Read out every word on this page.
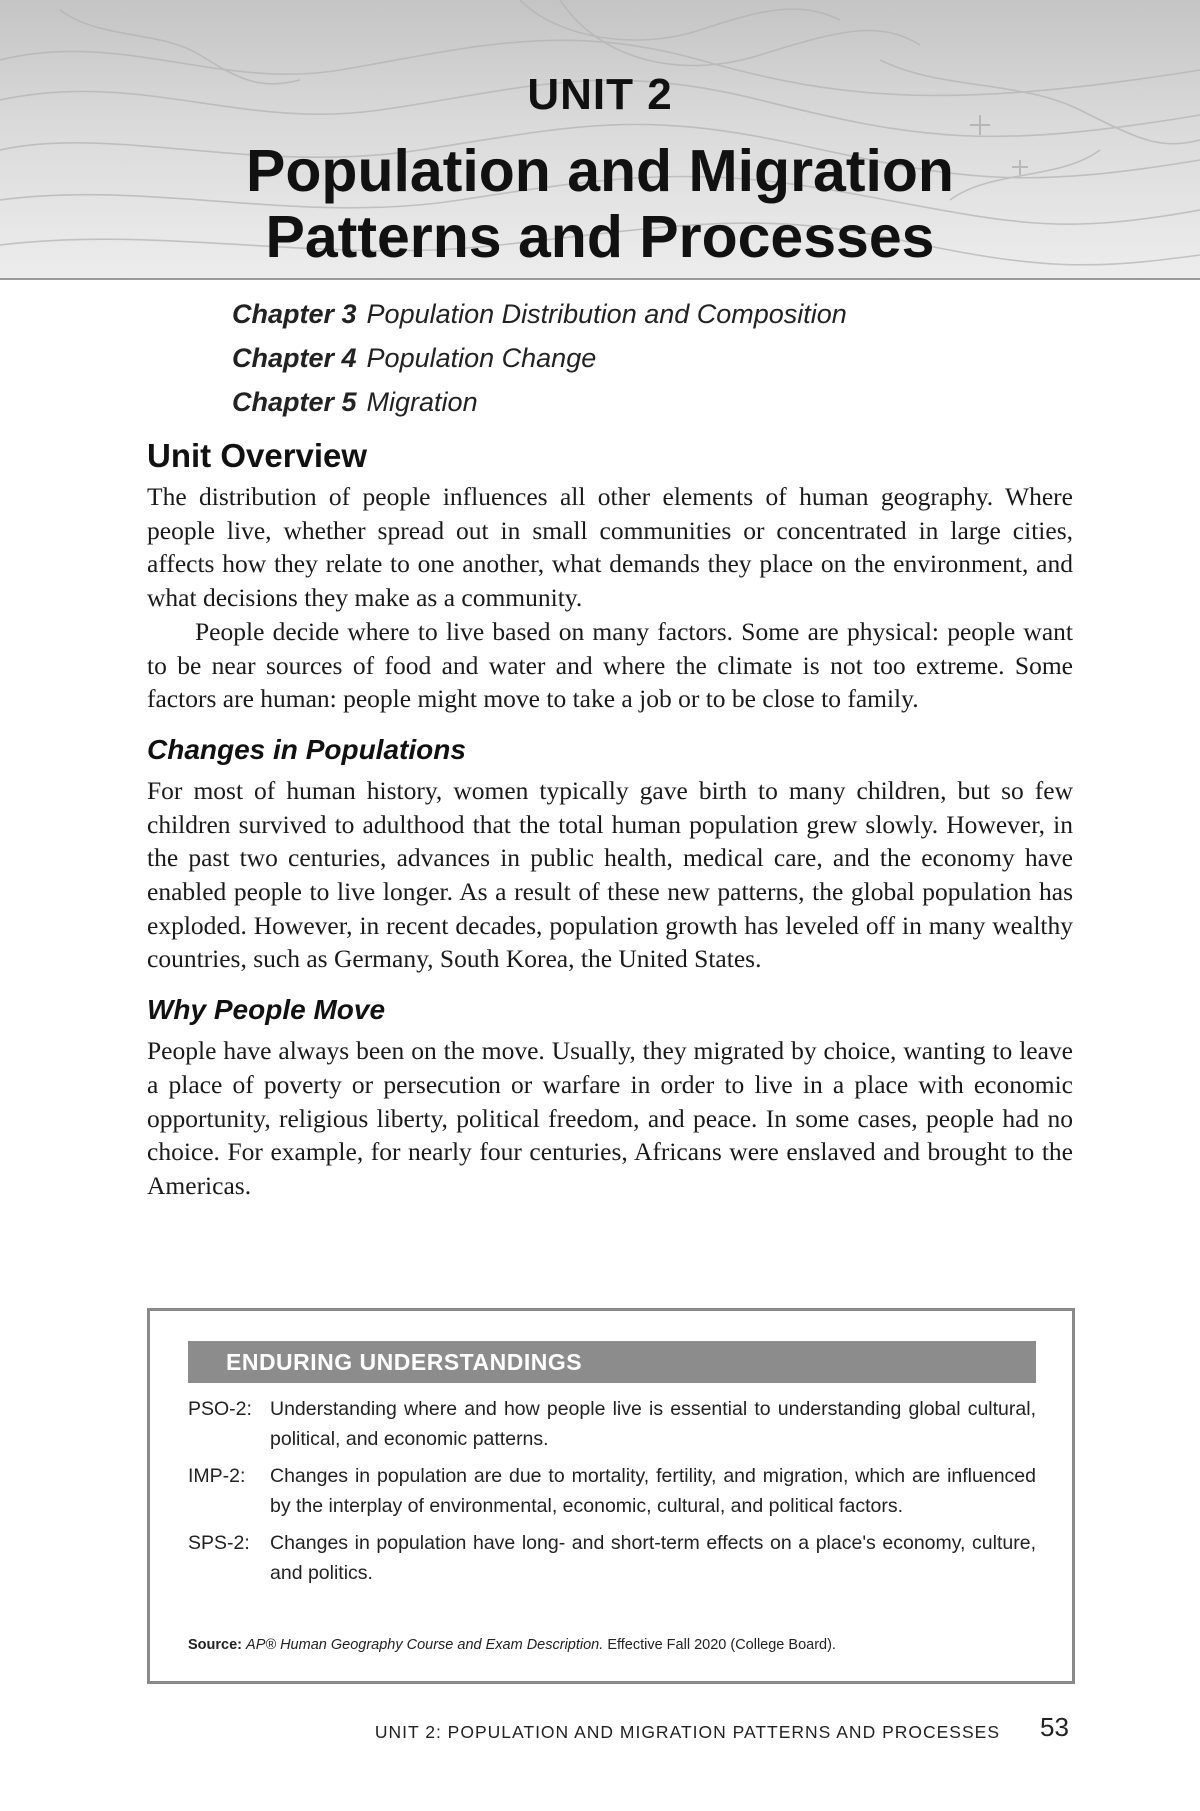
UNIT 2
Population and Migration
Patterns and Processes
Chapter 3 Population Distribution and Composition
Chapter 4 Population Change
Chapter 5 Migration
Unit Overview

The distribution of people influences all other elements of human geography. Where people live, whether spread out in small communities or concentrated in large cities, affects how they relate to one another, what demands they place on the environment, and what decisions they make as a community.

People decide where to live based on many factors. Some are physical: people want to be near sources of food and water and where the climate is not too extreme. Some factors are human: people might move to take a job or to be close to family.

Changes in Populations

For most of human history, women typically gave birth to many children, but so few children survived to adulthood that the total human population grew slowly. However, in the past two centuries, advances in public health, medical care, and the economy have enabled people to live longer. As a result of these new patterns, the global population has exploded. However, in recent decades, population growth has leveled off in many wealthy countries, such as Germany, South Korea, the United States.

Why People Move

People have always been on the move. Usually, they migrated by choice, wanting to leave a place of poverty or persecution or warfare in order to live in a place with economic opportunity, religious liberty, political freedom, and peace. In some cases, people had no choice. For example, for nearly four centuries, Africans were enslaved and brought to the Americas.

ENDURING UNDERSTANDINGS
PSO-2: Understanding where and how people live is essential to understanding global cultural, political, and economic patterns.
IMP-2: Changes in population are due to mortality, fertility, and migration, which are influenced by the interplay of environmental, economic, cultural, and political factors.
SPS-2: Changes in population have long- and short-term effects on a place's economy, culture, and politics.
Source: AP® Human Geography Course and Exam Description. Effective Fall 2020 (College Board).
UNIT 2: POPULATION AND MIGRATION PATTERNS AND PROCESSES 53
